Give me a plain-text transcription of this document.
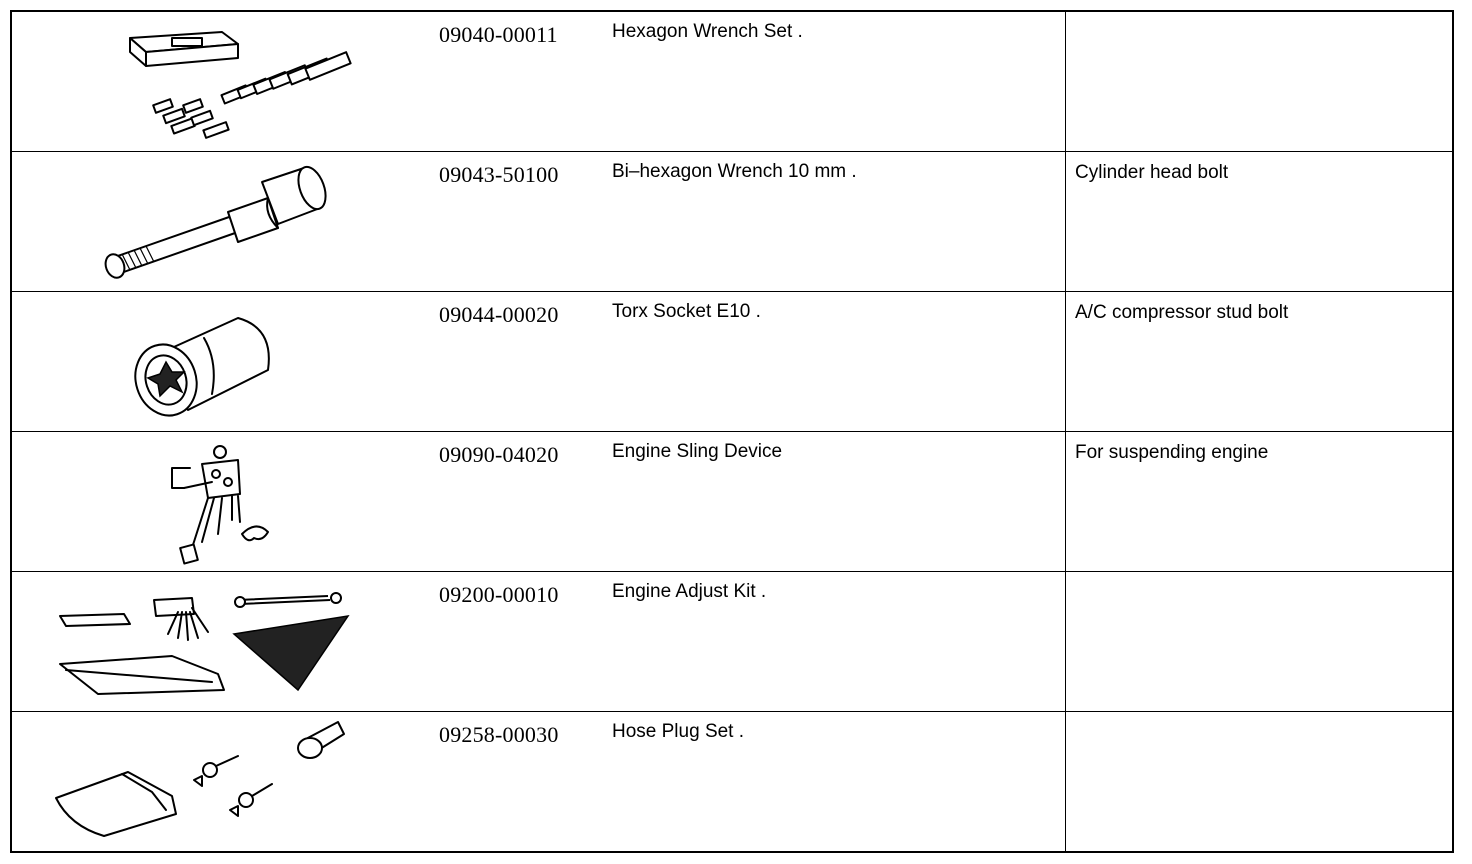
09040-00011 Hexagon Wrench Set .	

09043-50100 Bi–hexagon Wrench 10 mm .	Cylinder head bolt

09044-00020 Torx Socket E10 .	A/C compressor stud bolt

09090-04020 Engine Sling Device	For suspending engine

09200-00010 Engine Adjust Kit .	

09258-00030 Hose Plug Set .	
